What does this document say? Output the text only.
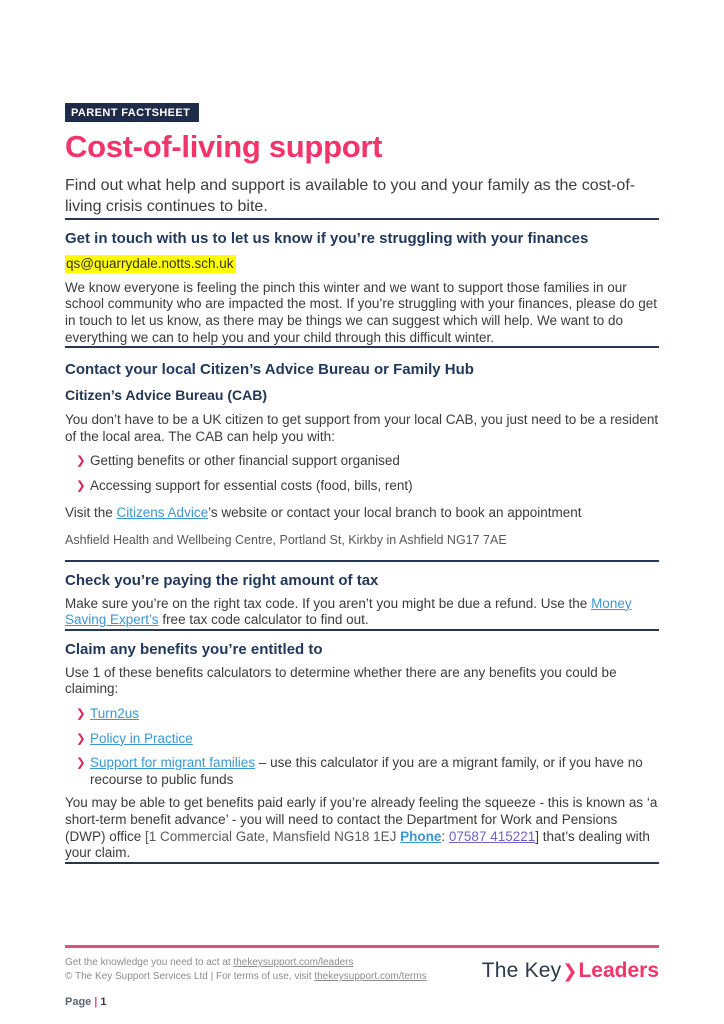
PARENT FACTSHEET
Cost-of-living support

Find out what help and support is available to you and your family as the cost-of-living crisis continues to bite.

Get in touch with us to let us know if you’re struggling with your finances
qs@quarrydale.notts.sch.uk

We know everyone is feeling the pinch this winter and we want to support those families in our school community who are impacted the most. If you’re struggling with your finances, please do get in touch to let us know, as there may be things we can suggest which will help. We want to do everything we can to help you and your child through this difficult winter.

Contact your local Citizen’s Advice Bureau or Family Hub
Citizen’s Advice Bureau (CAB)

You don’t have to be a UK citizen to get support from your local CAB, you just need to be a resident of the local area. The CAB can help you with:

❯ Getting benefits or other financial support organised
❯ Accessing support for essential costs (food, bills, rent)

Visit the Citizens Advice’s website or contact your local branch to book an appointment

Ashfield Health and Wellbeing Centre, Portland St, Kirkby in Ashfield NG17 7AE

Check you’re paying the right amount of tax

Make sure you’re on the right tax code. If you aren’t you might be due a refund. Use the Money Saving Expert’s free tax code calculator to find out.

Claim any benefits you’re entitled to

Use 1 of these benefits calculators to determine whether there are any benefits you could be claiming:

❯ Turn2us
❯ Policy in Practice
❯ Support for migrant families – use this calculator if you are a migrant family, or if you have no recourse to public funds

You may be able to get benefits paid early if you’re already feeling the squeeze - this is known as ‘a short-term benefit advance’ - you will need to contact the Department for Work and Pensions (DWP) office [1 Commercial Gate, Mansfield NG18 1EJ Phone: 07587 415221] that’s dealing with your claim.

Get the knowledge you need to act at thekeysupport.com/leaders
© The Key Support Services Ltd | For terms of use, visit thekeysupport.com/terms	The Key❯Leaders
Page | 1
